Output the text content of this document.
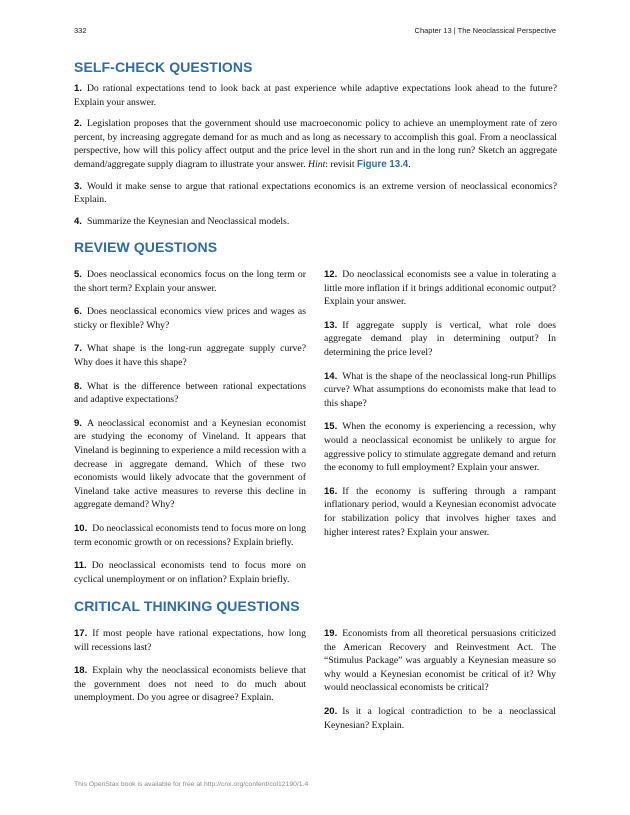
332	Chapter 13 | The Neoclassical Perspective
SELF-CHECK QUESTIONS

1. Do rational expectations tend to look back at past experience while adaptive expectations look ahead to the future? Explain your answer.

2. Legislation proposes that the government should use macroeconomic policy to achieve an unemployment rate of zero percent, by increasing aggregate demand for as much and as long as necessary to accomplish this goal. From a neoclassical perspective, how will this policy affect output and the price level in the short run and in the long run? Sketch an aggregate demand/aggregate supply diagram to illustrate your answer. Hint: revisit Figure 13.4.

3. Would it make sense to argue that rational expectations economics is an extreme version of neoclassical economics? Explain.

4. Summarize the Keynesian and Neoclassical models.

REVIEW QUESTIONS

5. Does neoclassical economics focus on the long term or the short term? Explain your answer.

6. Does neoclassical economics view prices and wages as sticky or flexible? Why?

7. What shape is the long-run aggregate supply curve? Why does it have this shape?

8. What is the difference between rational expectations and adaptive expectations?

9. A neoclassical economist and a Keynesian economist are studying the economy of Vineland. It appears that Vineland is beginning to experience a mild recession with a decrease in aggregate demand. Which of these two economists would likely advocate that the government of Vineland take active measures to reverse this decline in aggregate demand? Why?

10. Do neoclassical economists tend to focus more on long term economic growth or on recessions? Explain briefly.

11. Do neoclassical economists tend to focus more on cyclical unemployment or on inflation? Explain briefly.

12. Do neoclassical economists see a value in tolerating a little more inflation if it brings additional economic output? Explain your answer.

13. If aggregate supply is vertical, what role does aggregate demand play in determining output? In determining the price level?

14. What is the shape of the neoclassical long-run Phillips curve? What assumptions do economists make that lead to this shape?

15. When the economy is experiencing a recession, why would a neoclassical economist be unlikely to argue for aggressive policy to stimulate aggregate demand and return the economy to full employment? Explain your answer.

16. If the economy is suffering through a rampant inflationary period, would a Keynesian economist advocate for stabilization policy that involves higher taxes and higher interest rates? Explain your answer.

CRITICAL THINKING QUESTIONS

17. If most people have rational expectations, how long will recessions last?

18. Explain why the neoclassical economists believe that the government does not need to do much about unemployment. Do you agree or disagree? Explain.

19. Economists from all theoretical persuasions criticized the American Recovery and Reinvestment Act. The “Stimulus Package” was arguably a Keynesian measure so why would a Keynesian economist be critical of it? Why would neoclassical economists be critical?

20. Is it a logical contradiction to be a neoclassical Keynesian? Explain.

This OpenStax book is available for free at http://cnx.org/content/col12190/1.4
